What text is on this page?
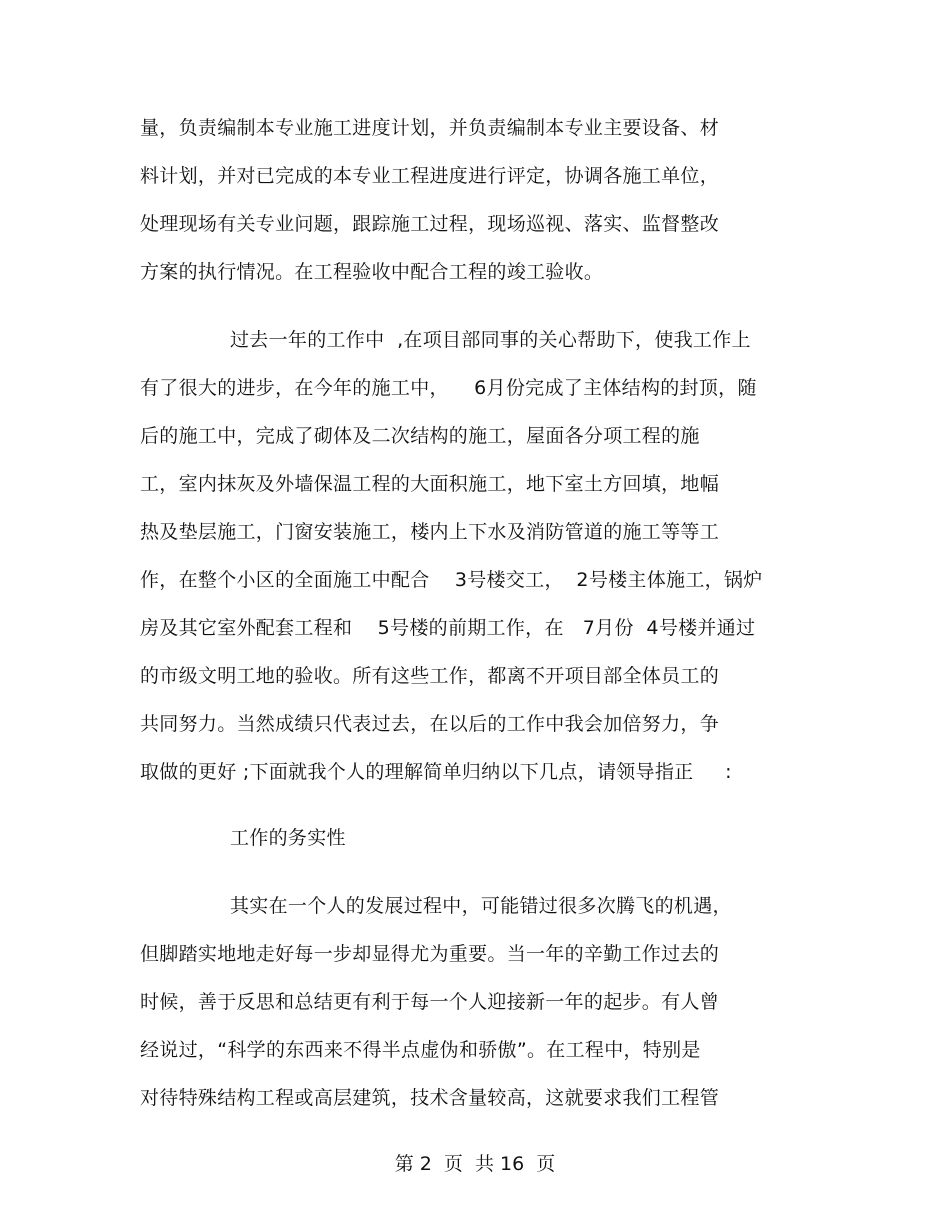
量，负责编制本专业施工进度计划，并负责编制本专业主要设备、材
料计划，并对已完成的本专业工程进度进行评定，协调各施工单位，
处理现场有关专业问题，跟踪施工过程，现场巡视、落实、监督整改
方案的执行情况。在工程验收中配合工程的竣工验收。
过去一年的工作中  ,在项目部同事的关心帮助下，使我工作上
有了很大的进步，在今年的施工中，    6月份完成了主体结构的封顶，随
后的施工中，完成了砌体及二次结构的施工，屋面各分项工程的施
工，室内抹灰及外墙保温工程的大面积施工，地下室土方回填，地幅
热及垫层施工，门窗安装施工，楼内上下水及消防管道的施工等等工
作，在整个小区的全面施工中配合    3号楼交工，  2号楼主体施工，锅炉
房及其它室外配套工程和    5号楼的前期工作，在   7月份  4号楼并通过
的市级文明工地的验收。所有这些工作，都离不开项目部全体员工的
共同努力。当然成绩只代表过去，在以后的工作中我会加倍努力，争
取做的更好 ;下面就我个人的理解简单归纳以下几点，请领导指正     :
工作的务实性
其实在一个人的发展过程中，可能错过很多次腾飞的机遇，
但脚踏实地地走好每一步却显得尤为重要。当一年的辛勤工作过去的
时候，善于反思和总结更有利于每一个人迎接新一年的起步。有人曾
经说过，“科学的东西来不得半点虚伪和骄傲”。在工程中，特别是
对待特殊结构工程或高层建筑，技术含量较高，这就要求我们工程管
第 2  页  共 16  页
